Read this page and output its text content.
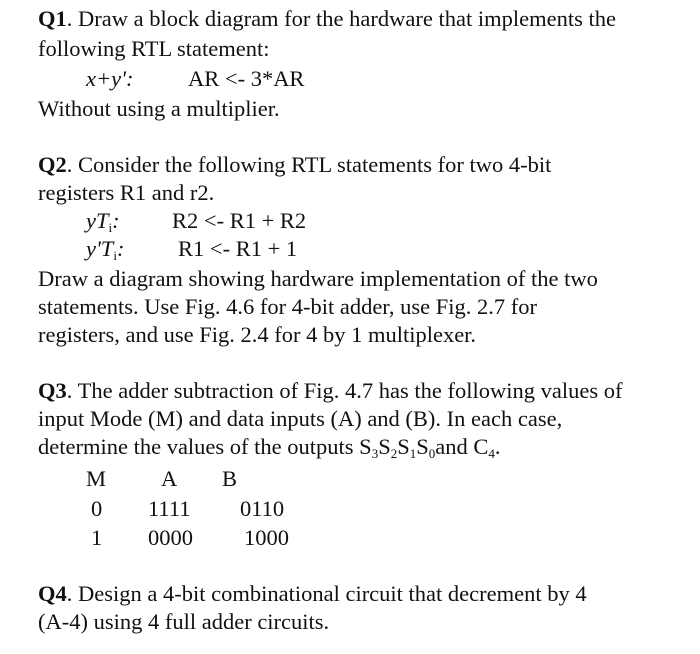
Q1. Draw a block diagram for the hardware that implements the
following RTL statement:
x+y': AR <- 3*AR
Without using a multiplier.
Q2. Consider the following RTL statements for two 4-bit
registers R1 and r2.
$yT_i$: R2 <- R1 + R2
$y'T_i$: R1 <- R1 + 1
Draw a diagram showing hardware implementation of the two
statements. Use Fig. 4.6 for 4-bit adder, use Fig. 2.7 for
registers, and use Fig. 2.4 for 4 by 1 multiplexer.
Q3. The adder subtraction of Fig. 4.7 has the following values of
input Mode (M) and data inputs (A) and (B). In each case,
determine the values of the outputs $S_3S_2S_1S_0and$ $C_4$.
M A B
0 1111 0110
1 0000 1000
Q4. Design a 4-bit combinational circuit that decrement by 4
(A-4) using 4 full adder circuits.
